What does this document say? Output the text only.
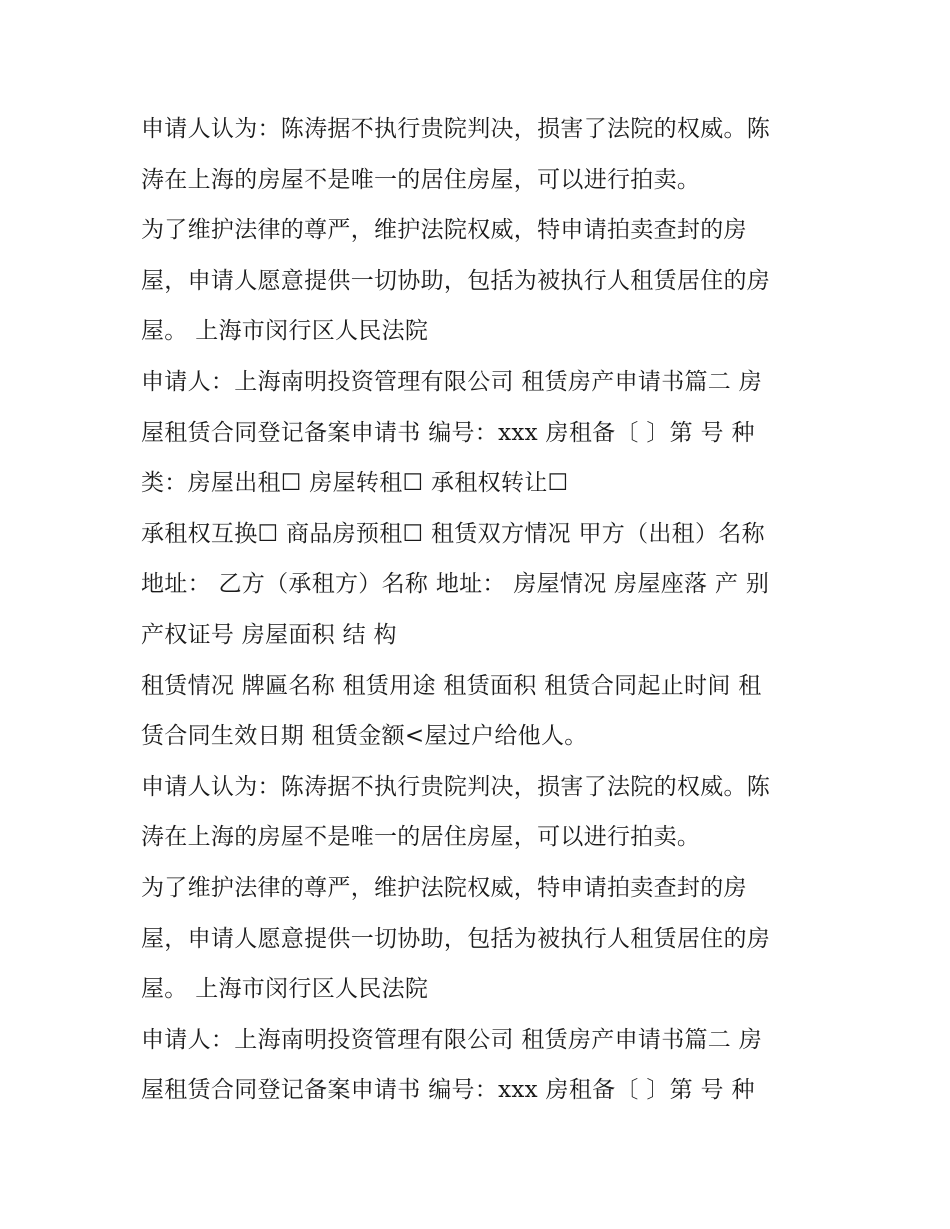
申请人认为：陈涛据不执行贵院判决，损害了法院的权威。陈
涛在上海的房屋不是唯一的居住房屋，可以进行拍卖。
为了维护法律的尊严，维护法院权威，特申请拍卖查封的房
屋，申请人愿意提供一切协助，包括为被执行人租赁居住的房
屋。 上海市闵行区人民法院
申请人：上海南明投资管理有限公司 租赁房产申请书篇二 房
屋租赁合同登记备案申请书 编号：xxx 房租备〔 〕第 号 种
类：房屋出租☐ 房屋转租☐ 承租权转让☐
承租权互换☐ 商品房预租☐ 租赁双方情况 甲方（出租）名称
地址： 乙方（承租方）名称 地址： 房屋情况 房屋座落 产 别
产权证号 房屋面积 结 构
租赁情况 牌匾名称 租赁用途 租赁面积 租赁合同起止时间 租
赁合同生效日期 租赁金额<屋过户给他人。
申请人认为：陈涛据不执行贵院判决，损害了法院的权威。陈
涛在上海的房屋不是唯一的居住房屋，可以进行拍卖。
为了维护法律的尊严，维护法院权威，特申请拍卖查封的房
屋，申请人愿意提供一切协助，包括为被执行人租赁居住的房
屋。 上海市闵行区人民法院
申请人：上海南明投资管理有限公司 租赁房产申请书篇二 房
屋租赁合同登记备案申请书 编号：xxx 房租备〔 〕第 号 种
